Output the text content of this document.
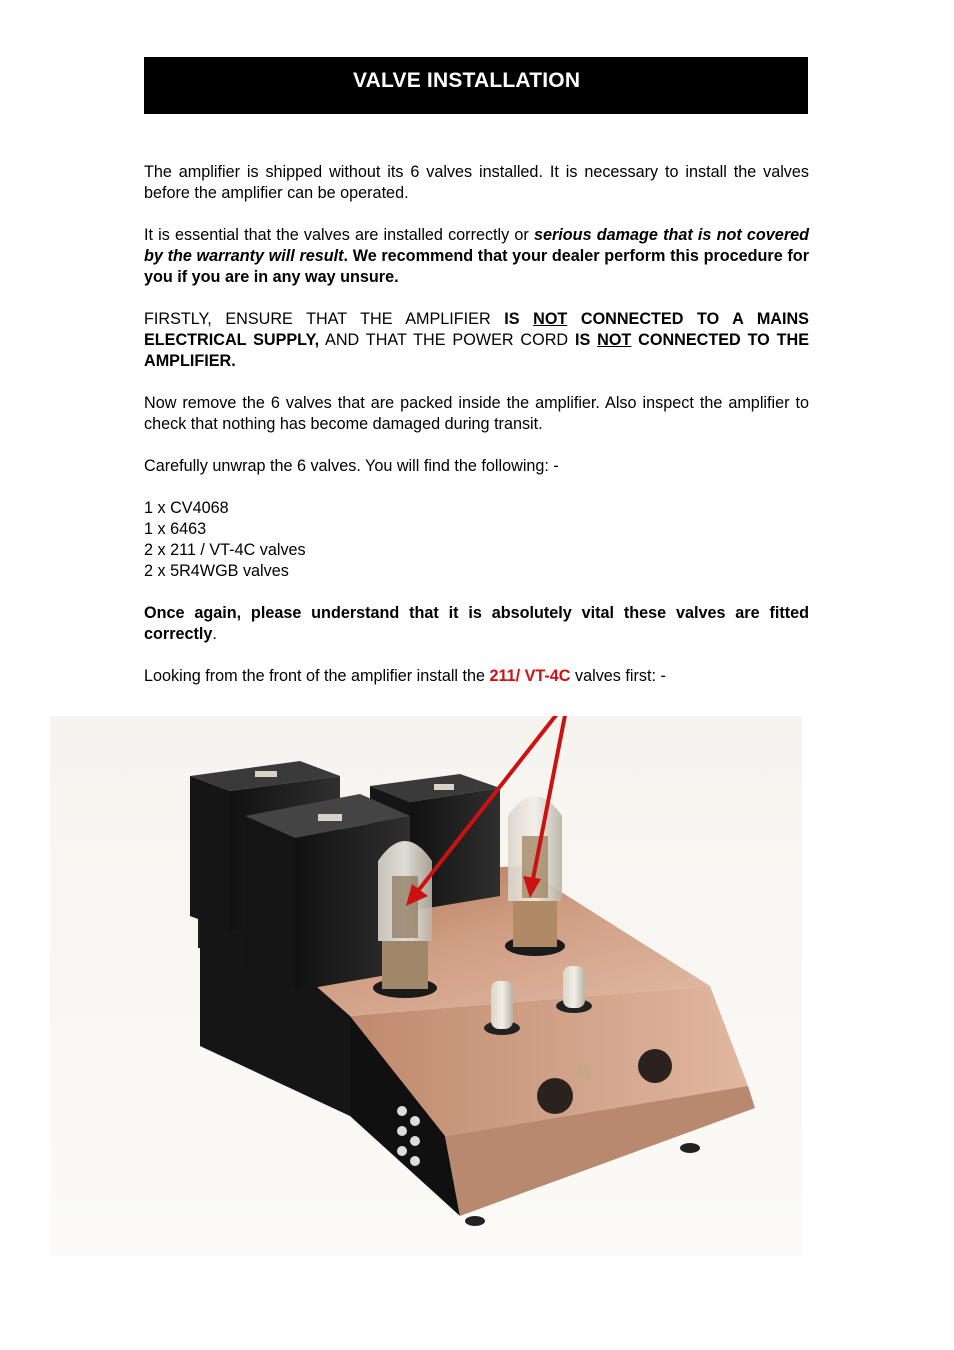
VALVE INSTALLATION

The amplifier is shipped without its 6 valves installed. It is necessary to install the valves before the amplifier can be operated.

It is essential that the valves are installed correctly or serious damage that is not covered by the warranty will result. We recommend that your dealer perform this procedure for you if you are in any way unsure.

FIRSTLY, ENSURE THAT THE AMPLIFIER IS NOT CONNECTED TO A MAINS ELECTRICAL SUPPLY, AND THAT THE POWER CORD IS NOT CONNECTED TO THE AMPLIFIER.

Now remove the 6 valves that are packed inside the amplifier. Also inspect the amplifier to check that nothing has become damaged during transit.

Carefully unwrap the 6 valves. You will find the following: -

1 x CV4068
1 x 6463
2 x 211 / VT-4C valves
2 x 5R4WGB valves

Once again, please understand that it is absolutely vital these valves are fitted correctly.

Looking from the front of the amplifier install the 211/ VT-4C valves first: -
